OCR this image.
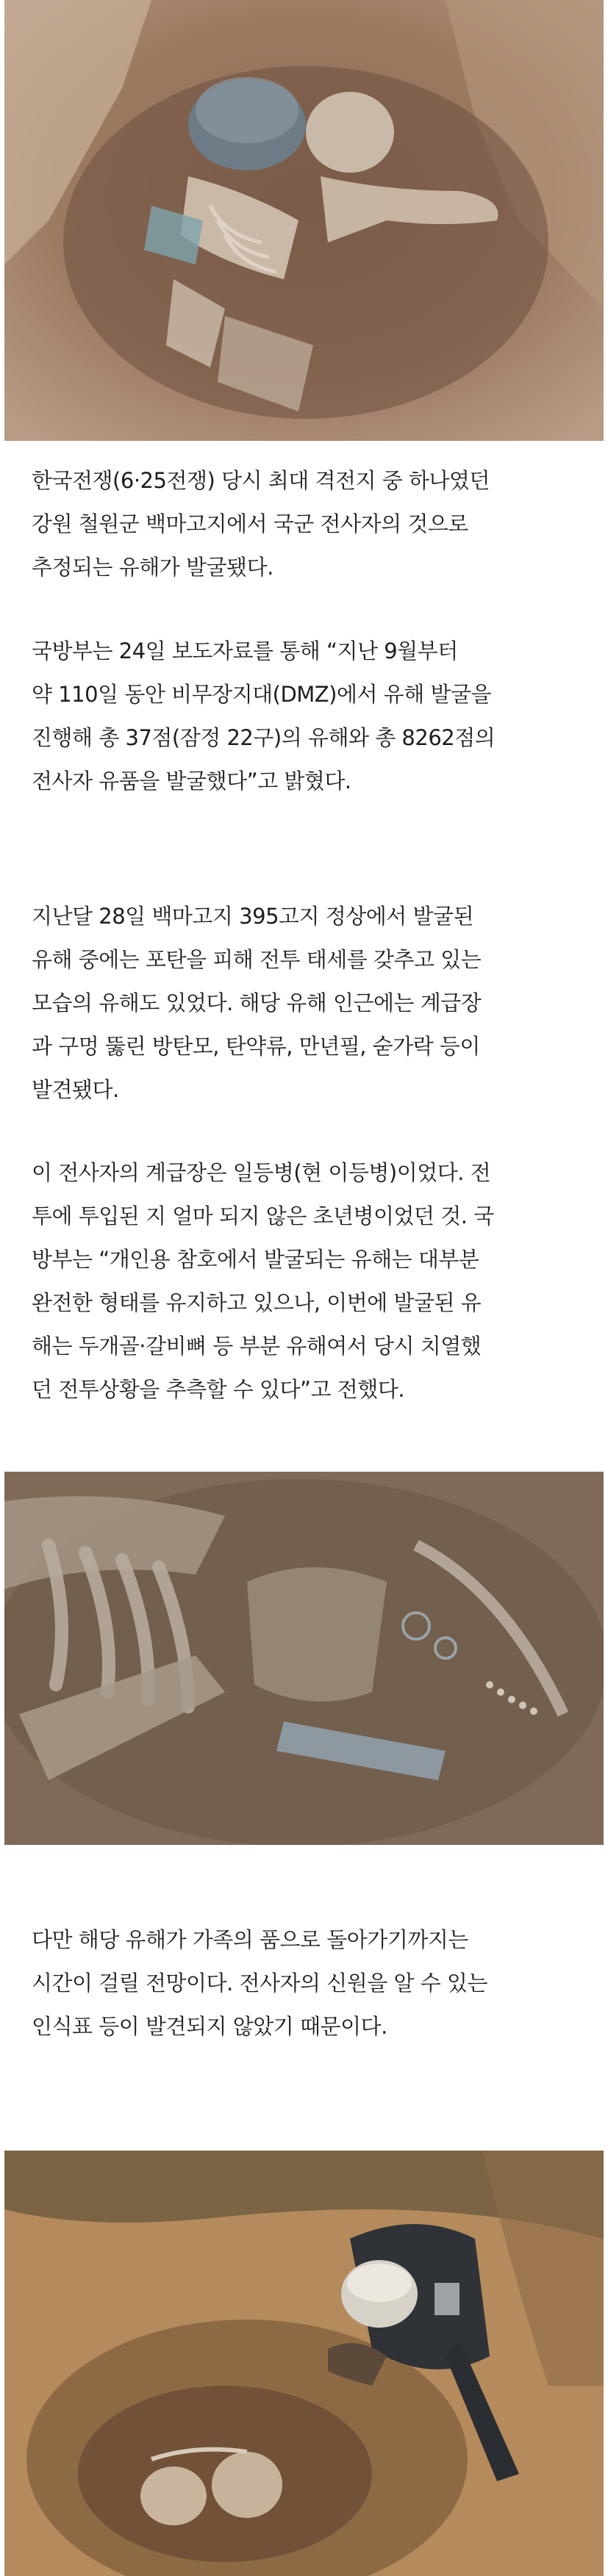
한국전쟁(6·25전쟁) 당시 최대 격전지 중 하나였던
강원 철원군 백마고지에서 국군 전사자의 것으로
추정되는 유해가 발굴됐다.
국방부는 24일 보도자료를 통해 “지난 9월부터
약 110일 동안 비무장지대(DMZ)에서 유해 발굴을
진행해 총 37점(잠정 22구)의 유해와 총 8262점의
전사자 유품을 발굴했다”고 밝혔다.
지난달 28일 백마고지 395고지 정상에서 발굴된
유해 중에는 포탄을 피해 전투 태세를 갖추고 있는
모습의 유해도 있었다. 해당 유해 인근에는 계급장
과 구멍 뚫린 방탄모, 탄약류, 만년필, 숟가락 등이
발견됐다.
이 전사자의 계급장은 일등병(현 이등병)이었다. 전
투에 투입된 지 얼마 되지 않은 초년병이었던 것. 국
방부는 “개인용 참호에서 발굴되는 유해는 대부분
완전한 형태를 유지하고 있으나, 이번에 발굴된 유
해는 두개골·갈비뼈 등 부분 유해여서 당시 치열했
던 전투상황을 추측할 수 있다”고 전했다.
다만 해당 유해가 가족의 품으로 돌아가기까지는
시간이 걸릴 전망이다. 전사자의 신원을 알 수 있는
인식표 등이 발견되지 않았기 때문이다.
